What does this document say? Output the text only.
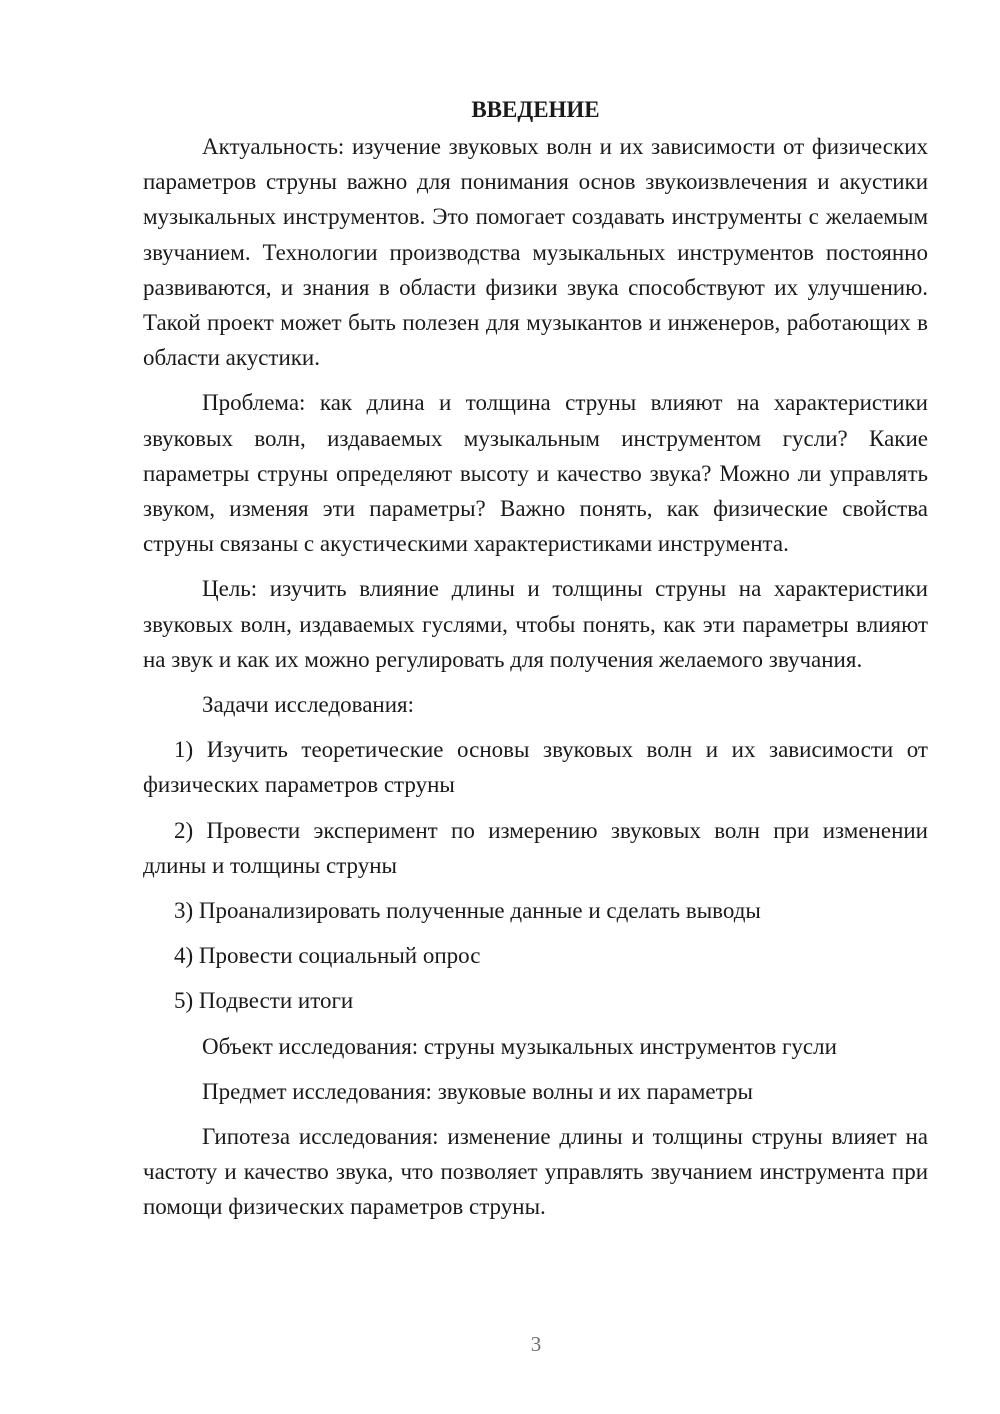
ВВЕДЕНИЕ

Актуальность: изучение звуковых волн и их зависимости от физических параметров струны важно для понимания основ звукоизвлечения и акустики музыкальных инструментов. Это помогает создавать инструменты с желаемым звучанием. Технологии производства музыкальных инструментов постоянно развиваются, и знания в области физики звука способствуют их улучшению. Такой проект может быть полезен для музыкантов и инженеров, работающих в области акустики.

Проблема: как длина и толщина струны влияют на характеристики звуковых волн, издаваемых музыкальным инструментом гусли? Какие параметры струны определяют высоту и качество звука? Можно ли управлять звуком, изменяя эти параметры? Важно понять, как физические свойства струны связаны с акустическими характеристиками инструмента.

Цель: изучить влияние длины и толщины струны на характеристики звуковых волн, издаваемых гуслями, чтобы понять, как эти параметры влияют на звук и как их можно регулировать для получения желаемого звучания.

Задачи исследования:

1) Изучить теоретические основы звуковых волн и их зависимости от физических параметров струны

2) Провести эксперимент по измерению звуковых волн при изменении длины и толщины струны

3) Проанализировать полученные данные и сделать выводы

4) Провести социальный опрос

5) Подвести итоги

Объект исследования: струны музыкальных инструментов гусли

Предмет исследования: звуковые волны и их параметры

Гипотеза исследования: изменение длины и толщины струны влияет на частоту и качество звука, что позволяет управлять звучанием инструмента при помощи физических параметров струны.

3
